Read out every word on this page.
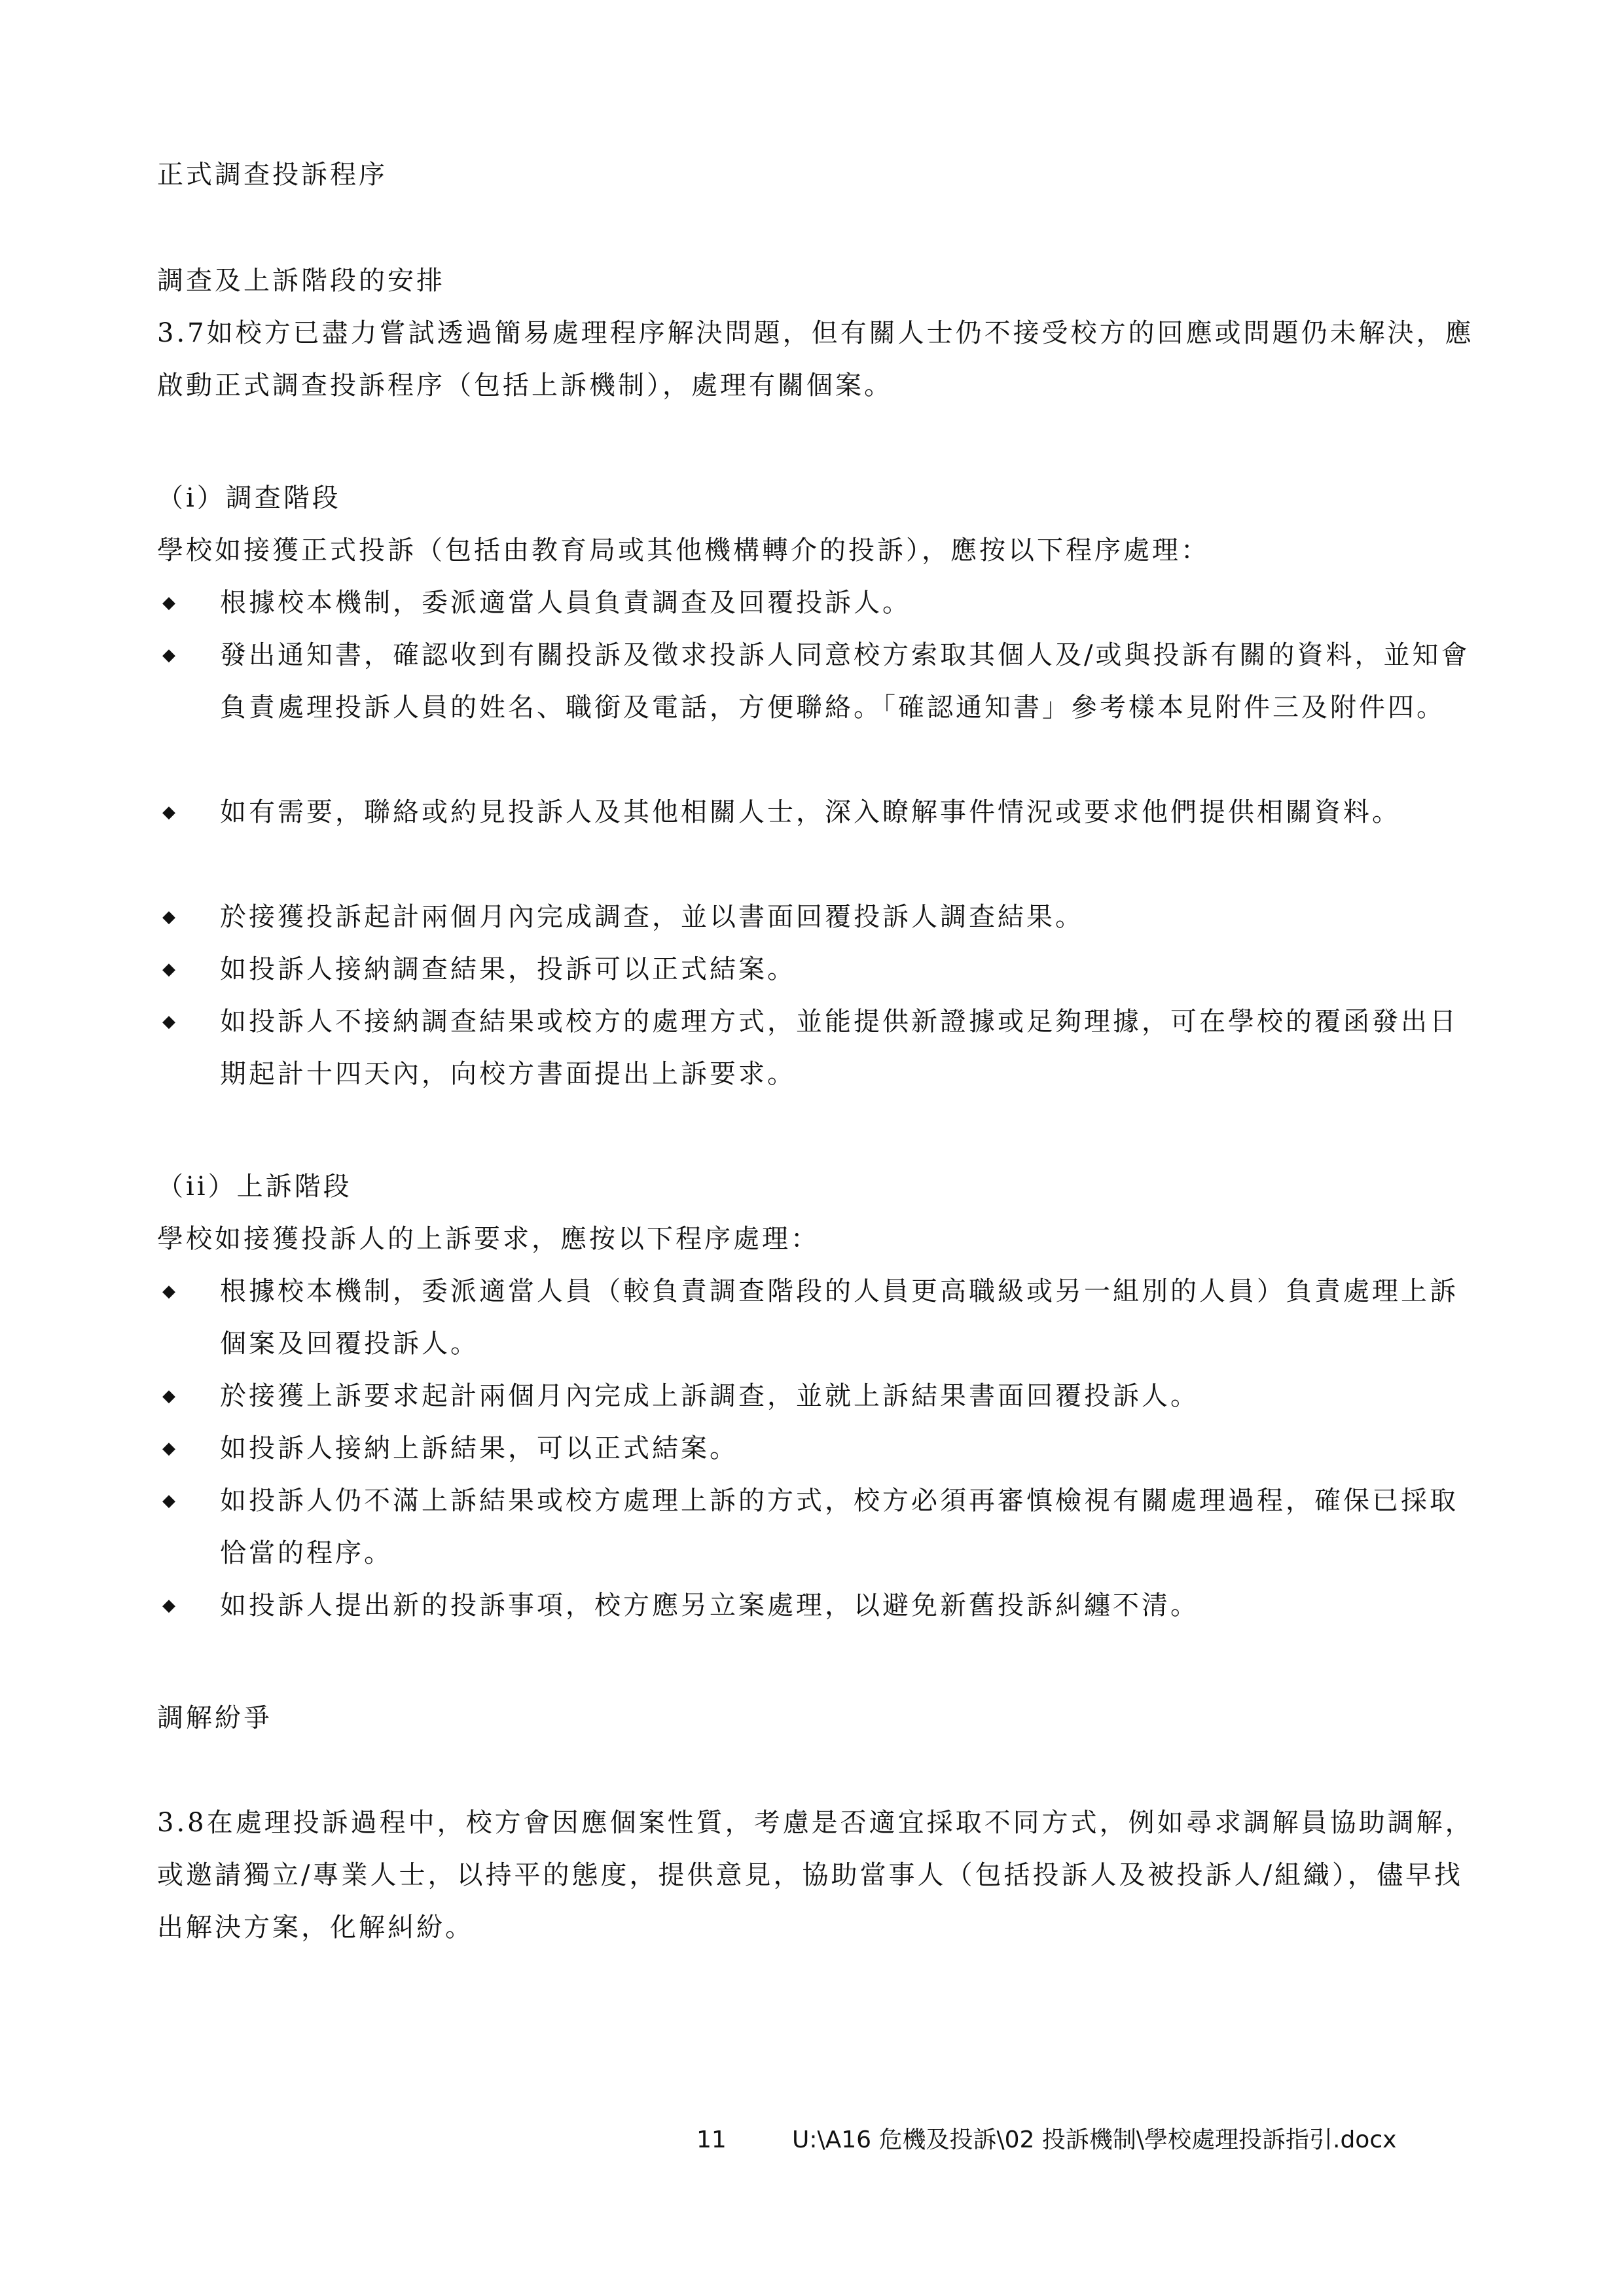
正式調查投訴程序
調查及上訴階段的安排
3.7如校方已盡力嘗試透過簡易處理程序解決問題，但有關人士仍不接受校方的回應或問題仍未解決，應啟動正式調查投訴程序（包括上訴機制），處理有關個案。
（i）調查階段
學校如接獲正式投訴（包括由教育局或其他機構轉介的投訴），應按以下程序處理：
◆ 根據校本機制，委派適當人員負責調查及回覆投訴人。
◆ 發出通知書，確認收到有關投訴及徵求投訴人同意校方索取其個人及/或與投訴有關的資料，並知會負責處理投訴人員的姓名、職銜及電話，方便聯絡。「確認通知書」參考樣本見附件三及附件四。
◆ 如有需要，聯絡或約見投訴人及其他相關人士，深入瞭解事件情況或要求他們提供相關資料。
◆ 於接獲投訴起計兩個月內完成調查，並以書面回覆投訴人調查結果。
◆ 如投訴人接納調查結果，投訴可以正式結案。
◆ 如投訴人不接納調查結果或校方的處理方式，並能提供新證據或足夠理據，可在學校的覆函發出日期起計十四天內，向校方書面提出上訴要求。
（ii）上訴階段
學校如接獲投訴人的上訴要求，應按以下程序處理：
◆ 根據校本機制，委派適當人員（較負責調查階段的人員更高職級或另一組別的人員）負責處理上訴個案及回覆投訴人。
◆ 於接獲上訴要求起計兩個月內完成上訴調查，並就上訴結果書面回覆投訴人。
◆ 如投訴人接納上訴結果，可以正式結案。
◆ 如投訴人仍不滿上訴結果或校方處理上訴的方式，校方必須再審慎檢視有關處理過程，確保已採取恰當的程序。
◆ 如投訴人提出新的投訴事項，校方應另立案處理，以避免新舊投訴糾纏不清。
調解紛爭
3.8在處理投訴過程中，校方會因應個案性質，考慮是否適宜採取不同方式，例如尋求調解員協助調解，或邀請獨立/專業人士，以持平的態度，提供意見，協助當事人（包括投訴人及被投訴人/組織），儘早找出解決方案，化解糾紛。
11	U:\A16 危機及投訴\02 投訴機制\學校處理投訴指引.docx
